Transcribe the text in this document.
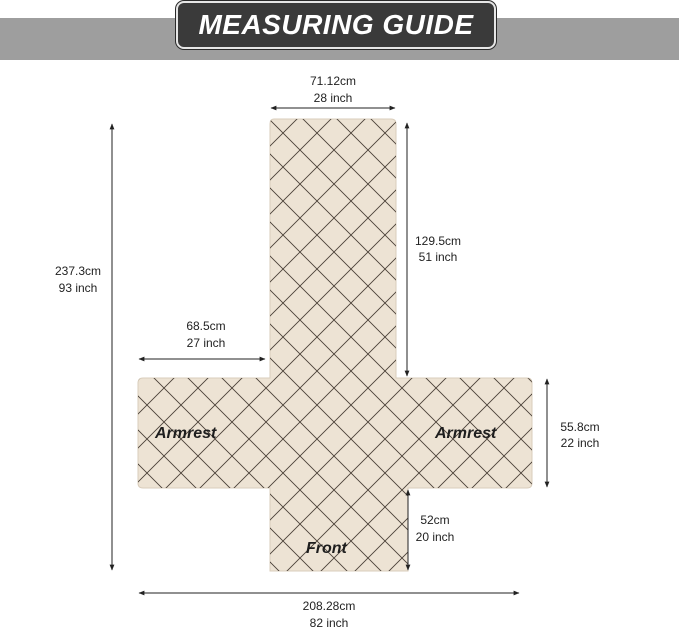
MEASURING GUIDE
71.12cm
28 inch
129.5cm
51 inch
237.3cm
93 inch
68.5cm
27 inch
55.8cm
22 inch
52cm
20 inch
208.28cm
82 inch
Armrest	Armrest
Front
